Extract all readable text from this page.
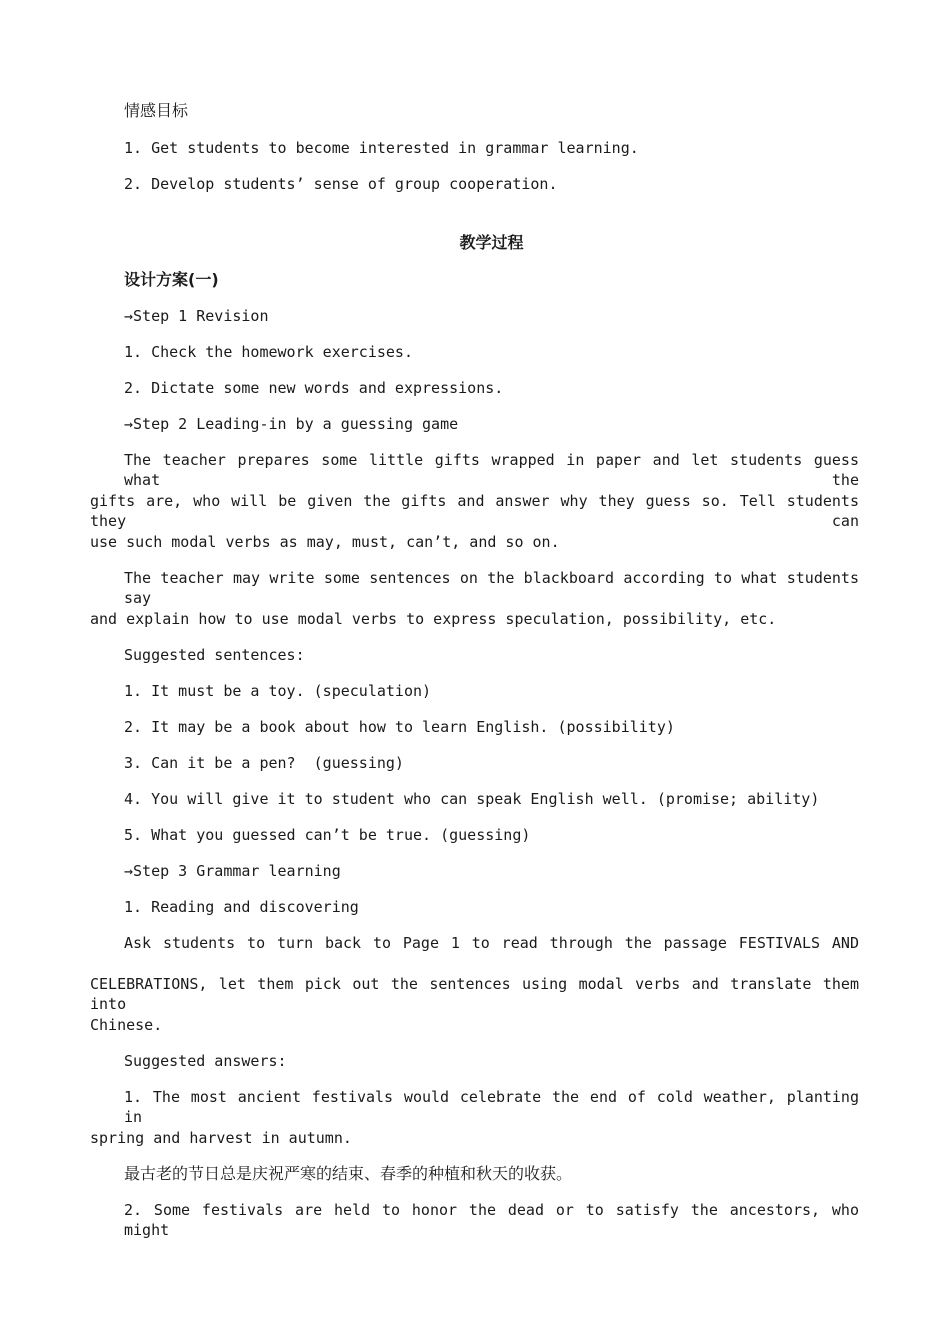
情感目标
1. Get students to become interested in grammar learning.
2. Develop students’ sense of group cooperation.
教学过程
设计方案(一)
→Step 1 Revision
1. Check the homework exercises.
2. Dictate some new words and expressions.
→Step 2 Leading-in by a guessing game
The teacher prepares some little gifts wrapped in paper and let students guess what the
gifts are, who will be given the gifts and answer why they guess so. Tell students they can
use such modal verbs as may, must, can’t, and so on.
The teacher may write some sentences on the blackboard according to what students say
and explain how to use modal verbs to express speculation, possibility, etc.
Suggested sentences:
1. It must be a toy. (speculation)
2. It may be a book about how to learn English. (possibility)
3. Can it be a pen?  (guessing)
4. You will give it to student who can speak English well. (promise; ability)
5. What you guessed can’t be true. (guessing)
→Step 3 Grammar learning
1. Reading and discovering
Ask students to turn back to Page 1 to read through the passage FESTIVALS AND
CELEBRATIONS, let them pick out the sentences using modal verbs and translate them into
Chinese.
Suggested answers:
1. The most ancient festivals would celebrate the end of cold weather, planting in
spring and harvest in autumn.
最古老的节日总是庆祝严寒的结束、春季的种植和秋天的收获。
2. Some festivals are held to honor the dead or to satisfy the ancestors, who might
